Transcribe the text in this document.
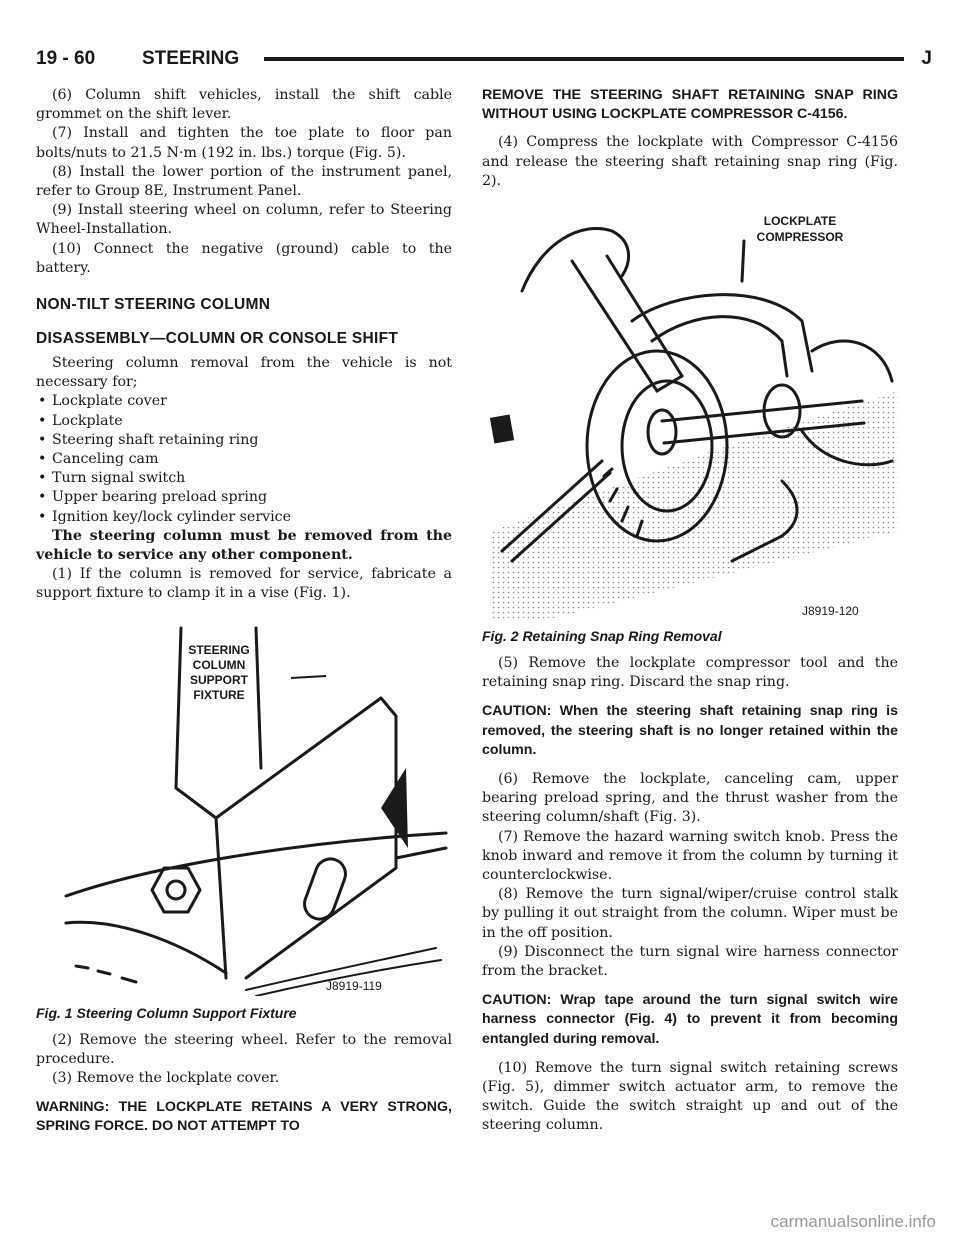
19 - 60 STEERING	J

(6) Column shift vehicles, install the shift cable grommet on the shift lever.

(7) Install and tighten the toe plate to floor pan bolts/nuts to 21.5 N·m (192 in. lbs.) torque (Fig. 5).

(8) Install the lower portion of the instrument panel, refer to Group 8E, Instrument Panel.

(9) Install steering wheel on column, refer to Steering Wheel-Installation.

(10) Connect the negative (ground) cable to the battery.

NON-TILT STEERING COLUMN
DISASSEMBLY—COLUMN OR CONSOLE SHIFT

Steering column removal from the vehicle is not necessary for;

• Lockplate cover
• Lockplate
• Steering shaft retaining ring
• Canceling cam
• Turn signal switch
• Upper bearing preload spring
• Ignition key/lock cylinder service

The steering column must be removed from the vehicle to service any other component.

(1) If the column is removed for service, fabricate a support fixture to clamp it in a vise (Fig. 1).

STEERING
COLUMN
SUPPORT
FIXTURE
J8919-119
Fig. 1 Steering Column Support Fixture

(2) Remove the steering wheel. Refer to the removal procedure.

(3) Remove the lockplate cover.

WARNING: THE LOCKPLATE RETAINS A VERY STRONG, SPRING FORCE. DO NOT ATTEMPT TO

REMOVE THE STEERING SHAFT RETAINING SNAP RING WITHOUT USING LOCKPLATE COMPRESSOR C-4156.

(4) Compress the lockplate with Compressor C-4156 and release the steering shaft retaining snap ring (Fig. 2).

LOCKPLATE
COMPRESSOR
J8919-120
Fig. 2 Retaining Snap Ring Removal

(5) Remove the lockplate compressor tool and the retaining snap ring. Discard the snap ring.

CAUTION: When the steering shaft retaining snap ring is removed, the steering shaft is no longer retained within the column.

(6) Remove the lockplate, canceling cam, upper bearing preload spring, and the thrust washer from the steering column/shaft (Fig. 3).

(7) Remove the hazard warning switch knob. Press the knob inward and remove it from the column by turning it counterclockwise.

(8) Remove the turn signal/wiper/cruise control stalk by pulling it out straight from the column. Wiper must be in the off position.

(9) Disconnect the turn signal wire harness connector from the bracket.

CAUTION: Wrap tape around the turn signal switch wire harness connector (Fig. 4) to prevent it from becoming entangled during removal.

(10) Remove the turn signal switch retaining screws (Fig. 5), dimmer switch actuator arm, to remove the switch. Guide the switch straight up and out of the steering column.

carmanualsonline.info
